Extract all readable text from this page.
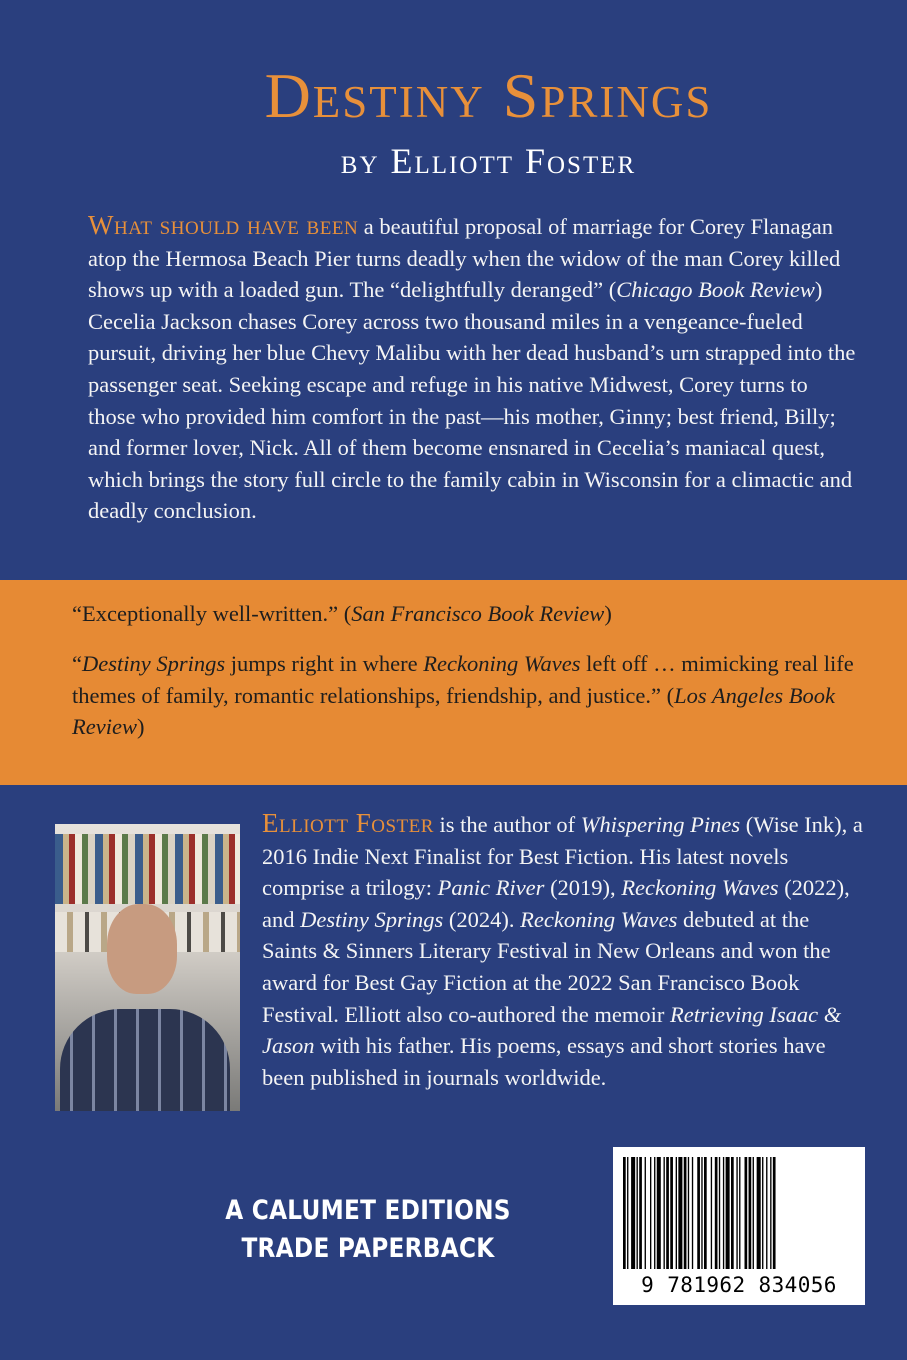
Destiny Springs
by Elliott Foster
What should have been a beautiful proposal of marriage for Corey Flanagan atop the Hermosa Beach Pier turns deadly when the widow of the man Corey killed shows up with a loaded gun. The “delightfully deranged” (Chicago Book Review) Cecelia Jackson chases Corey across two thousand miles in a vengeance-fueled pursuit, driving her blue Chevy Malibu with her dead husband’s urn strapped into the passenger seat. Seeking escape and refuge in his native Midwest, Corey turns to those who provided him comfort in the past—his mother, Ginny; best friend, Billy; and former lover, Nick. All of them become ensnared in Cecelia’s maniacal quest, which brings the story full circle to the family cabin in Wisconsin for a climactic and deadly conclusion.
“Exceptionally well-written.” (San Francisco Book Review)
“Destiny Springs jumps right in where Reckoning Waves left off … mimicking real life themes of family, romantic relationships, friendship, and justice.” (Los Angeles Book Review)
Elliott Foster is the author of Whispering Pines (Wise Ink), a 2016 Indie Next Finalist for Best Fiction. His latest novels comprise a trilogy: Panic River (2019), Reckoning Waves (2022), and Destiny Springs (2024). Reckoning Waves debuted at the Saints & Sinners Literary Festival in New Orleans and won the award for Best Gay Fiction at the 2022 San Francisco Book Festival. Elliott also co-authored the memoir Retrieving Isaac & Jason with his father. His poems, essays and short stories have been published in journals worldwide.
A CALUMET EDITIONS
TRADE PAPERBACK
9 781962 834056
